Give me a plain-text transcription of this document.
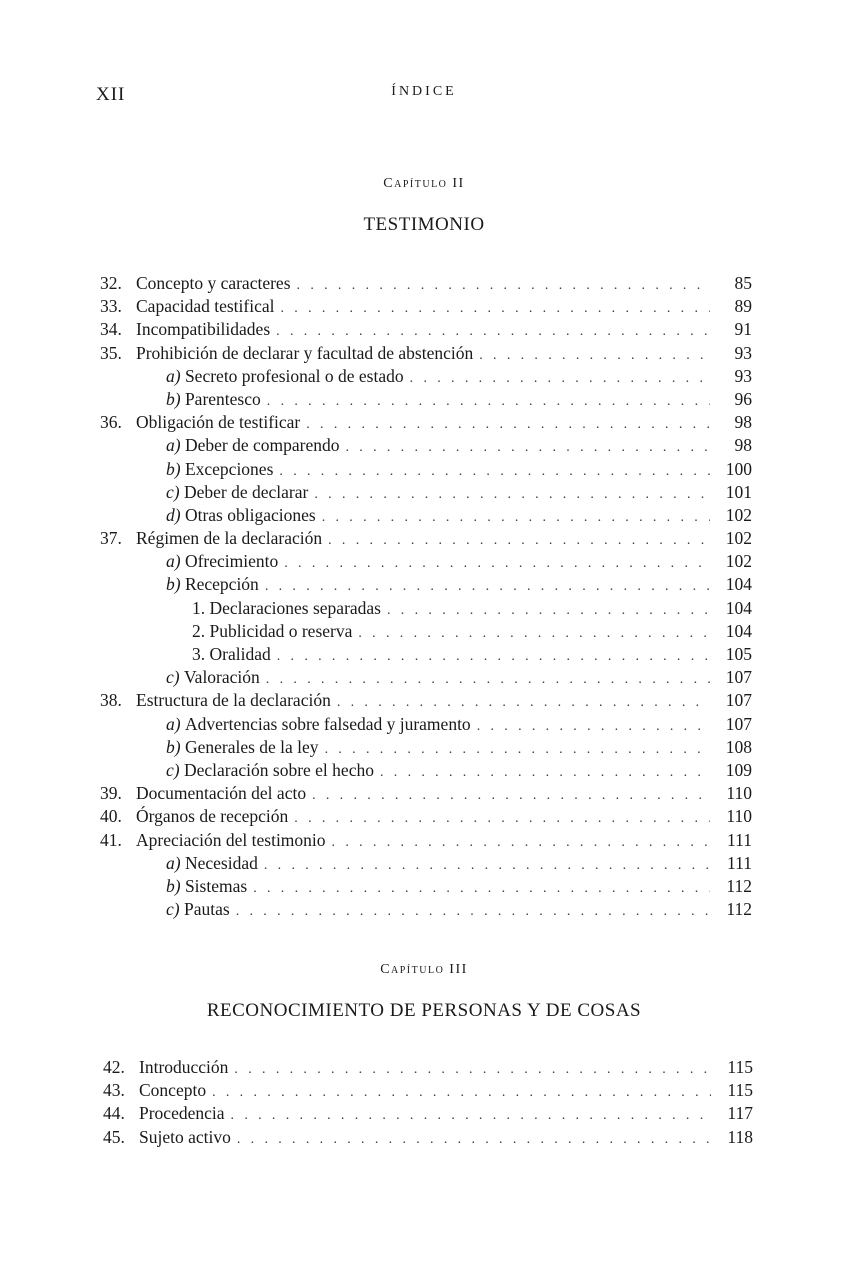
XII	ÍNDICE
Capítulo II
TESTIMONIO
32. Concepto y caracteres . . .	85
33. Capacidad testifical . . .	89
34. Incompatibilidades . . .	91
35. Prohibición de declarar y facultad de abstención . . .	93
a) Secreto profesional o de estado . . .	93
b) Parentesco . . .	96
36. Obligación de testificar . . .	98
a) Deber de comparendo . . .	98
b) Excepciones . . .	100
c) Deber de declarar . . .	101
d) Otras obligaciones . . .	102
37. Régimen de la declaración . . .	102
a) Ofrecimiento . . .	102
b) Recepción . . .	104
1. Declaraciones separadas . . .	104
2. Publicidad o reserva . . .	104
3. Oralidad . . .	105
c) Valoración . . .	107
38. Estructura de la declaración . . .	107
a) Advertencias sobre falsedad y juramento . . .	107
b) Generales de la ley . . .	108
c) Declaración sobre el hecho . . .	109
39. Documentación del acto . . .	110
40. Órganos de recepción . . .	110
41. Apreciación del testimonio . . .	111
a) Necesidad . . .	111
b) Sistemas . . .	112
c) Pautas . . .	112
Capítulo III
RECONOCIMIENTO DE PERSONAS Y DE COSAS
42. Introducción . . .	115
43. Concepto . . .	115
44. Procedencia . . .	117
45. Sujeto activo . . .	118
